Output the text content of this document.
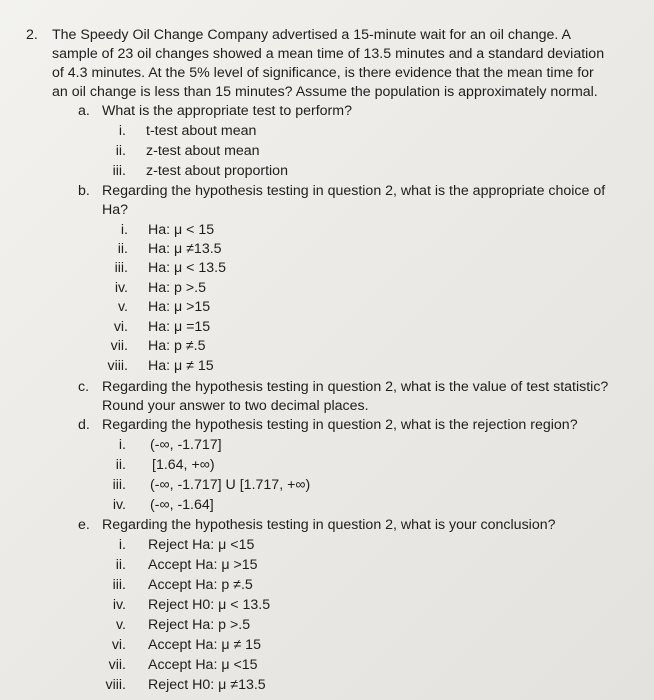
2. The Speedy Oil Change Company advertised a 15-minute wait for an oil change. A
sample of 23 oil changes showed a mean time of 13.5 minutes and a standard deviation
of 4.3 minutes. At the 5% level of significance, is there evidence that the mean time for
an oil change is less than 15 minutes? Assume the population is approximately normal.
a. What is the appropriate test to perform?
i. t-test about mean
ii. z-test about mean
iii. z-test about proportion
b. Regarding the hypothesis testing in question 2, what is the appropriate choice of
Ha?
i. Ha: μ < 15
ii. Ha: μ ≠13.5
iii. Ha: μ < 13.5
iv. Ha: p >.5
v. Ha: μ >15
vi. Ha: μ =15
vii. Ha: p ≠.5
viii. Ha: μ ≠ 15
c. Regarding the hypothesis testing in question 2, what is the value of test statistic?
Round your answer to two decimal places.
d. Regarding the hypothesis testing in question 2, what is the rejection region?
i. (-∞, -1.717]
ii. [1.64, +∞)
iii. (-∞, -1.717] U [1.717, +∞)
iv. (-∞, -1.64]
e. Regarding the hypothesis testing in question 2, what is your conclusion?
i. Reject Ha: μ <15
ii. Accept Ha: μ >15
iii. Accept Ha: p ≠.5
iv. Reject H0: μ < 13.5
v. Reject Ha: p >.5
vi. Accept Ha: μ ≠ 15
vii. Accept Ha: μ <15
viii. Reject H0: μ ≠13.5
